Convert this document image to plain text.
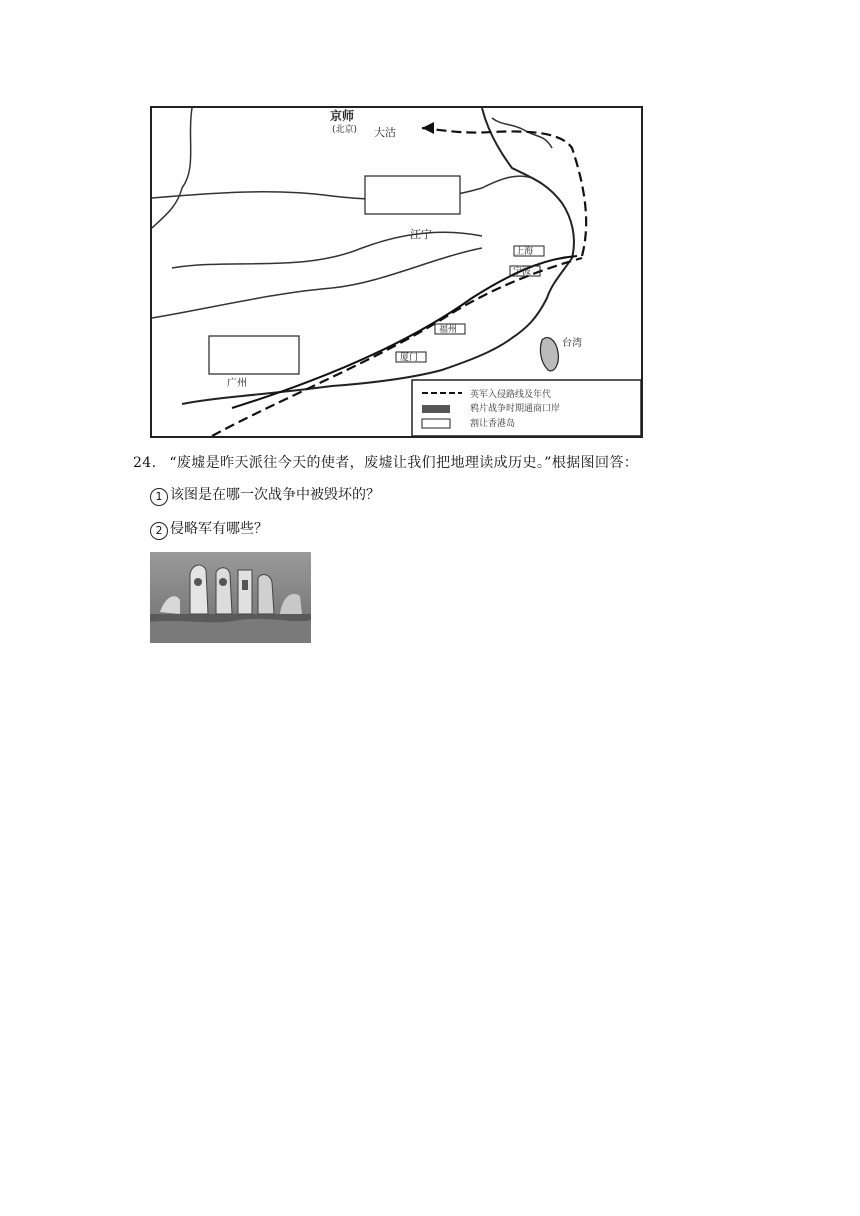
英军入侵路线及年代
鸦片战争时期通商口岸
割让香港岛
京师
(北京) 大沽
江宁
上海
宁波
福州
厦门
广州
台湾
24. “废墟是昨天派往今天的使者，废墟让我们把地理读成历史。”根据图回答：
1 该图是在哪一次战争中被毁坏的？
2 侵略军有哪些？
